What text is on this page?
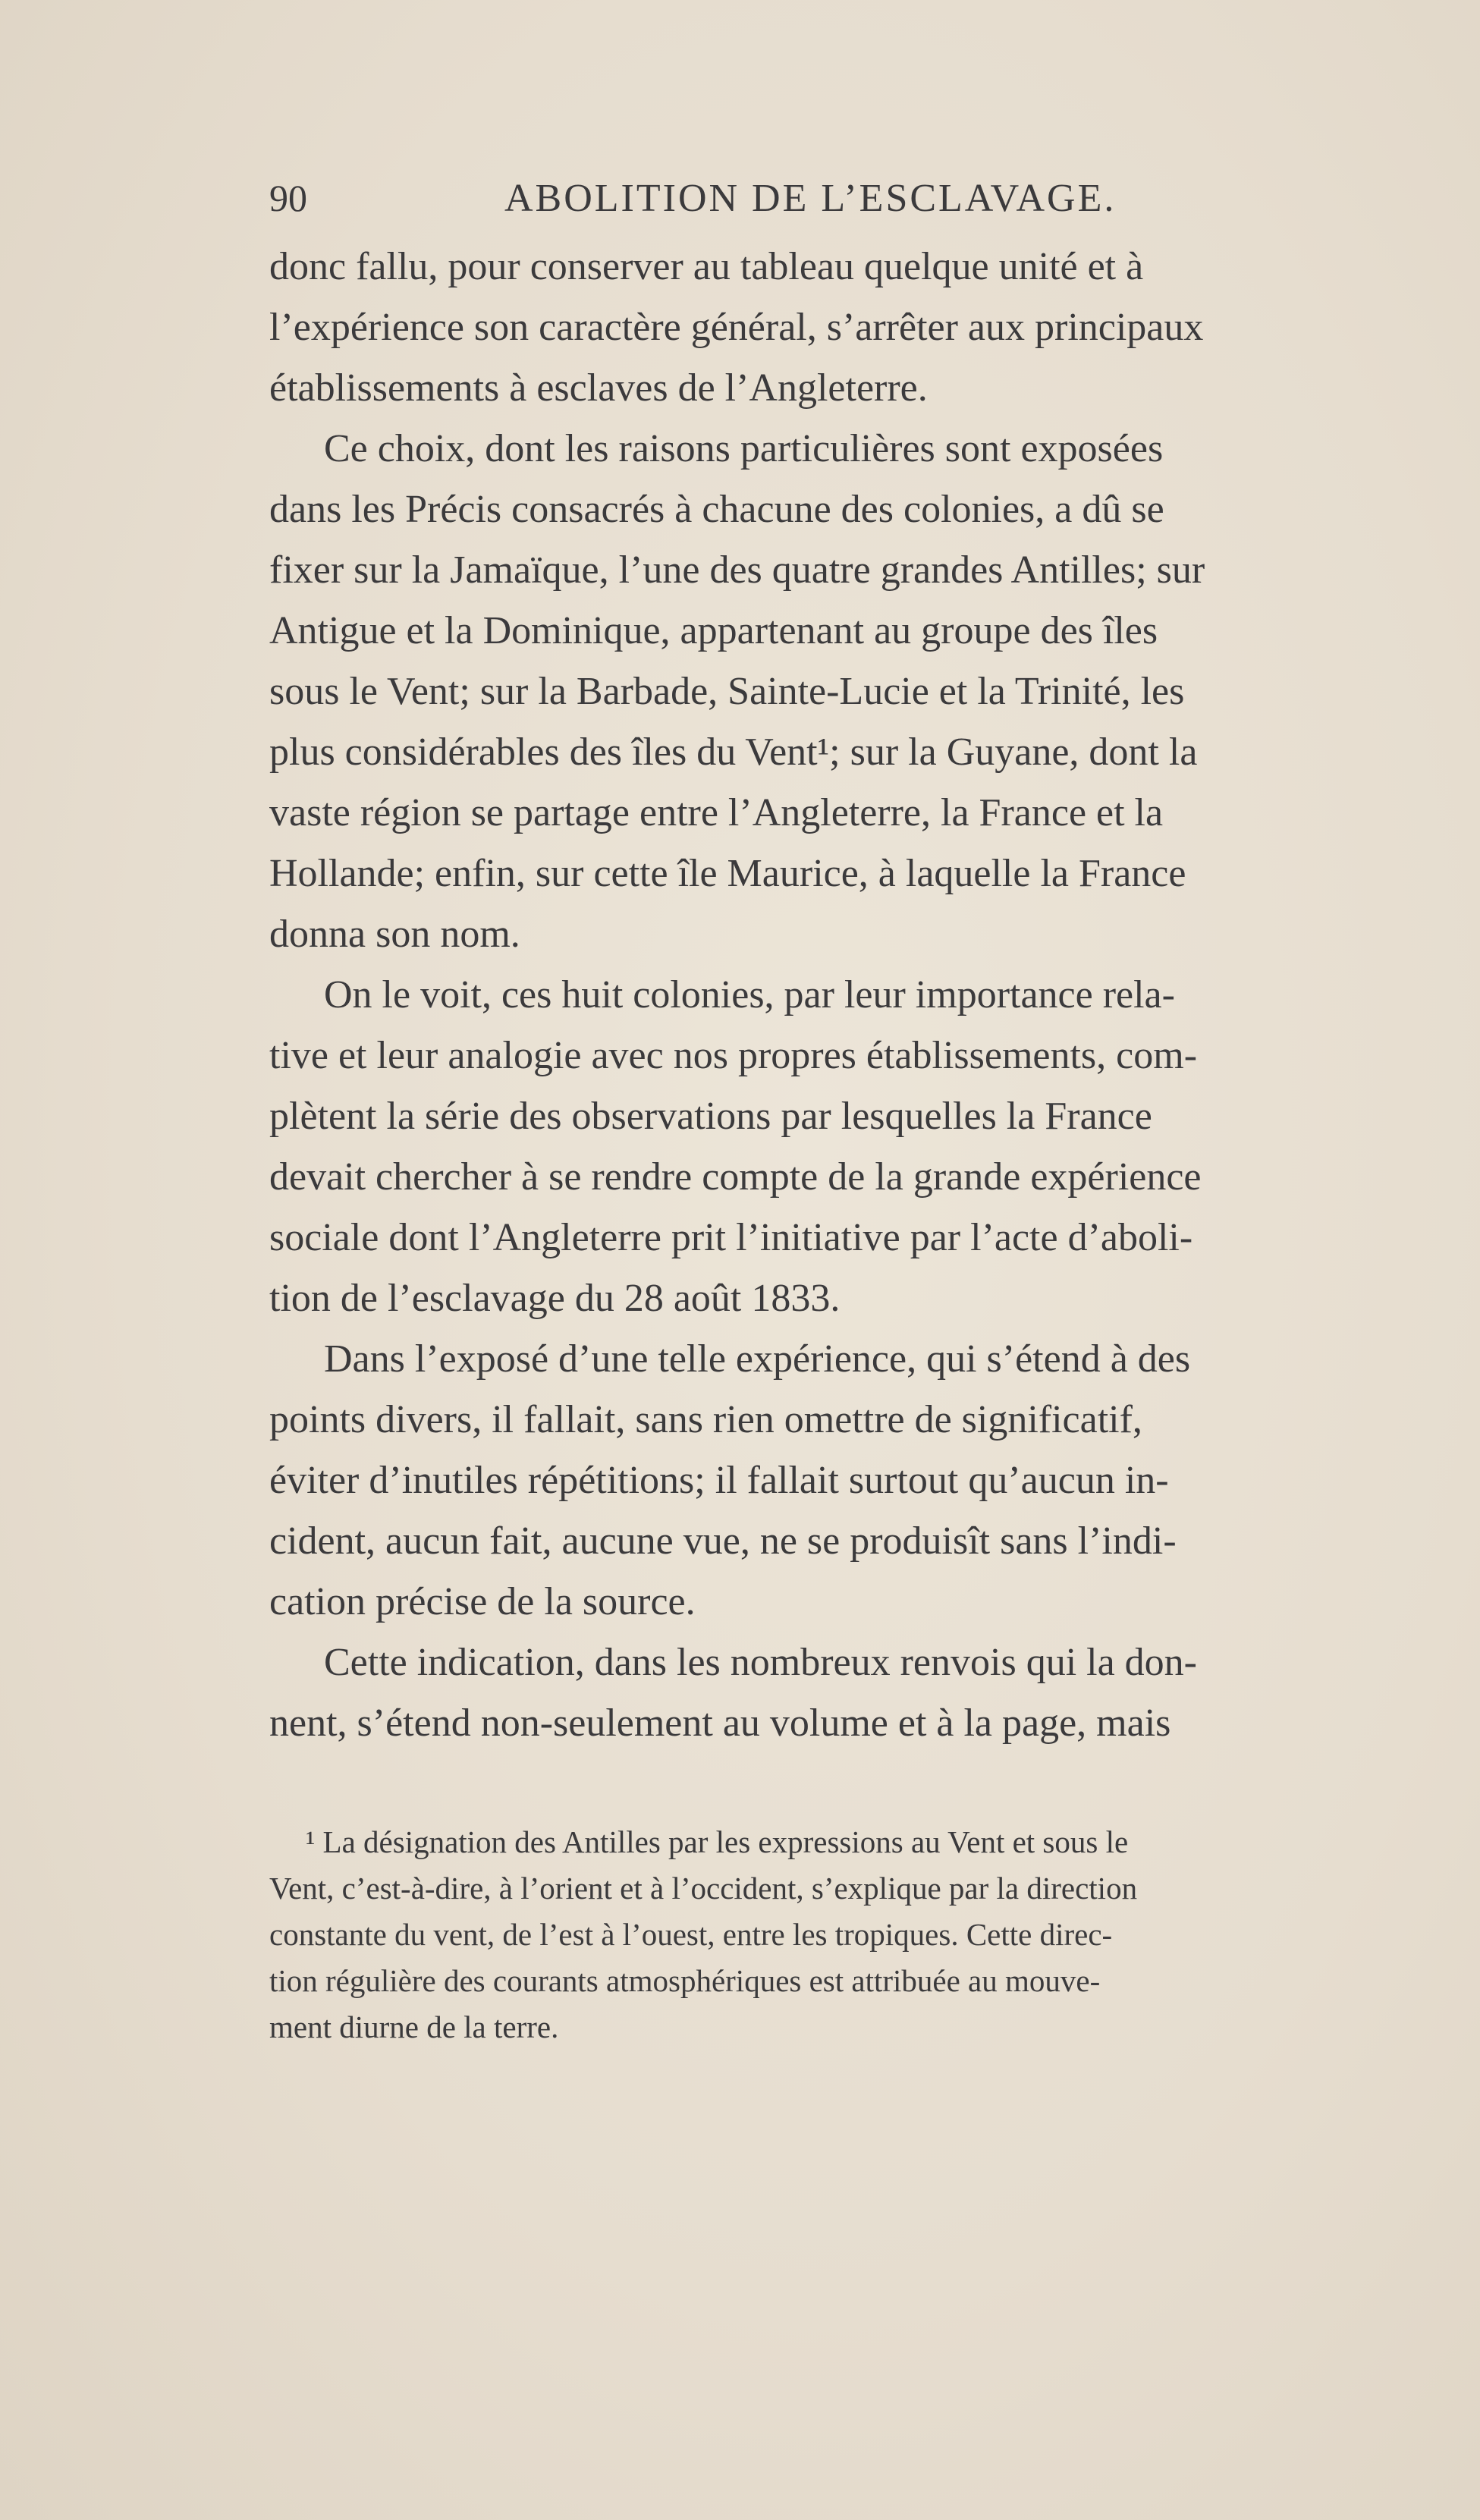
90	ABOLITION DE L’ESCLAVAGE.
donc fallu, pour conserver au tableau quelque unité et à
l’expérience son caractère général, s’arrêter aux principaux
établissements à esclaves de l’Angleterre.
Ce choix, dont les raisons particulières sont exposées
dans les Précis consacrés à chacune des colonies, a dû se
fixer sur la Jamaïque, l’une des quatre grandes Antilles; sur
Antigue et la Dominique, appartenant au groupe des îles
sous le Vent; sur la Barbade, Sainte-Lucie et la Trinité, les
plus considérables des îles du Vent¹; sur la Guyane, dont la
vaste région se partage entre l’Angleterre, la France et la
Hollande; enfin, sur cette île Maurice, à laquelle la France
donna son nom.
On le voit, ces huit colonies, par leur importance rela-
tive et leur analogie avec nos propres établissements, com-
plètent la série des observations par lesquelles la France
devait chercher à se rendre compte de la grande expérience
sociale dont l’Angleterre prit l’initiative par l’acte d’aboli-
tion de l’esclavage du 28 août 1833.
Dans l’exposé d’une telle expérience, qui s’étend à des
points divers, il fallait, sans rien omettre de significatif,
éviter d’inutiles répétitions; il fallait surtout qu’aucun in-
cident, aucun fait, aucune vue, ne se produisît sans l’indi-
cation précise de la source.
Cette indication, dans les nombreux renvois qui la don-
nent, s’étend non-seulement au volume et à la page, mais
¹ La désignation des Antilles par les expressions au Vent et sous le
Vent, c’est-à-dire, à l’orient et à l’occident, s’explique par la direction
constante du vent, de l’est à l’ouest, entre les tropiques. Cette direc-
tion régulière des courants atmosphériques est attribuée au mouve-
ment diurne de la terre.
